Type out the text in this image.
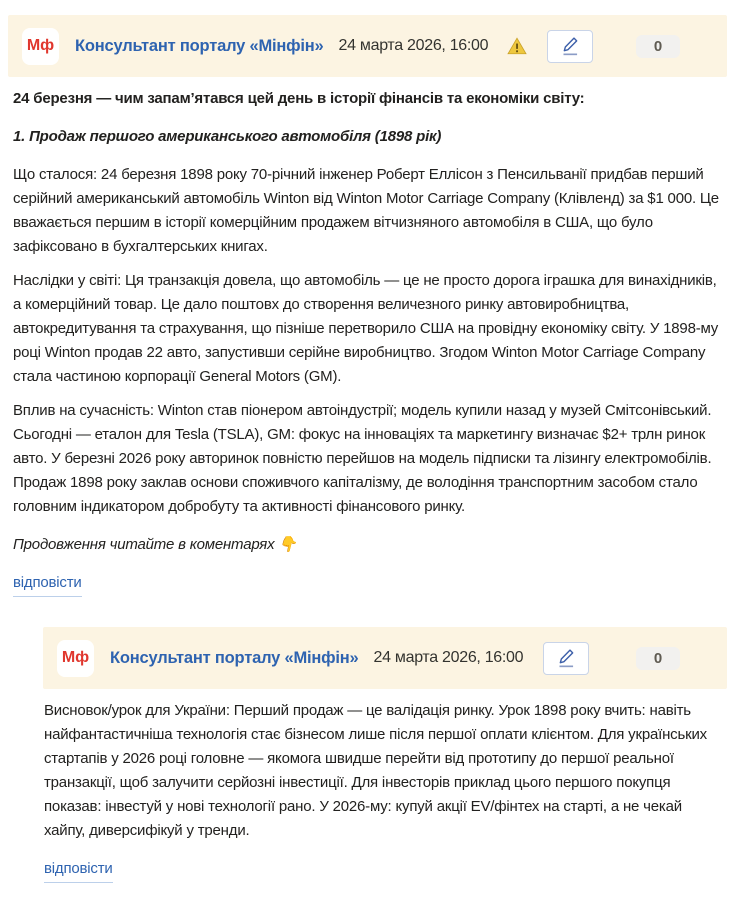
Мф Консультант порталу «Мінфін» 24 марта 2026, 16:00	0

24 березня — чим запам’ятався цей день в історії фінансів та економіки світу:

1. Продаж першого американського автомобіля (1898 рік)

Що сталося: 24 березня 1898 року 70-річний інженер Роберт Еллісон з Пенсильванії придбав перший серійний американський автомобіль Winton від Winton Motor Carriage Company (Клівленд) за $1 000. Це вважається першим в історії комерційним продажем вітчизняного автомобіля в США, що було зафіксовано в бухгалтерських книгах.

Наслідки у світі: Ця транзакція довела, що автомобіль — це не просто дорога іграшка для винахідників, а комерційний товар. Це дало поштовх до створення величезного ринку автовиробництва, автокредитування та страхування, що пізніше перетворило США на провідну економіку світу. У 1898-му році Winton продав 22 авто, запустивши серійне виробництво. Згодом Winton Motor Carriage Company стала частиною корпорації General Motors (GM).

Вплив на сучасність: Winton став піонером автоіндустрії; модель купили назад у музей Смітсонівський. Сьогодні — еталон для Tesla (TSLA), GM: фокус на інноваціях та маркетингу визначає $2+ трлн ринок авто. У березні 2026 року авторинок повністю перейшов на модель підписки та лізингу електромобілів. Продаж 1898 року заклав основи споживчого капіталізму, де володіння транспортним засобом стало головним індикатором добробуту та активності фінансового ринку.

Продовження читайте в коментарях 👇

відповісти
Мф Консультант порталу «Мінфін» 24 марта 2026, 16:00	0

Висновок/урок для України: Перший продаж — це валідація ринку. Урок 1898 року вчить: навіть найфантастичніша технологія стає бізнесом лише після першої оплати клієнтом. Для українських стартапів у 2026 році головне — якомога швидше перейти від прототипу до першої реальної транзакції, щоб залучити серйозні інвестиції. Для інвесторів приклад цього першого покупця показав: інвестуй у нові технології рано. У 2026-му: купуй акції EV/фінтех на старті, а не чекай хайпу, диверсифікуй у тренди.

відповісти
